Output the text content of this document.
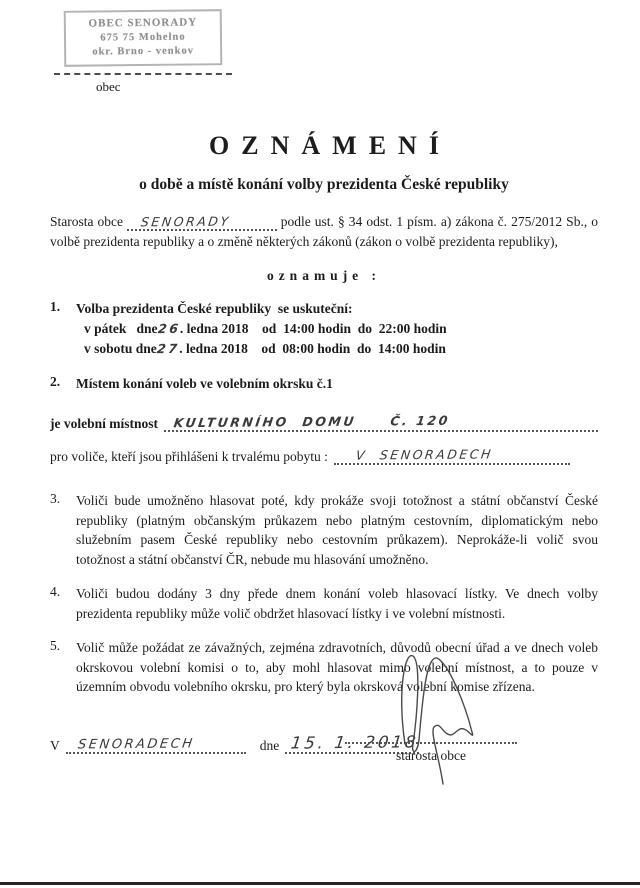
OBEC SENORADY
675 75 Mohelno
okr. Brno - venkov
obec
OZNÁMENÍ
o době a místě konání volby prezidenta České republiky
Starosta obce SENORADY	podle ust. § 34 odst. 1 písm. a) zákona č. 275/2012 Sb., o volbě prezidenta republiky a o změně některých zákonů (zákon o volbě prezidenta republiky),
oznamuje :
1.	Volba prezidenta České republiky  se uskuteční:
v pátek   dne26. ledna 2018    od  14:00 hodin  do  22:00 hodin
v sobotu dne27. ledna 2018    od  08:00 hodin  do  14:00 hodin
2.	Místem konání voleb ve volebním okrsku č.1
je volební místnost	KULTURNÍHO  DOMU     Č. 120
pro voliče, kteří jsou přihlášeni k trvalému pobytu :	V  SENORADECH
3.	Voliči bude umožněno hlasovat poté, kdy prokáže svoji totožnost a státní občanství České republiky (platným občanským průkazem nebo platným cestovním, diplomatickým nebo služebním pasem České republiky nebo cestovním průkazem). Neprokáže-li volič svou totožnost a státní občanství ČR, nebude mu hlasování umožněno.
4.	Voliči budou dodány 3 dny přede dnem konání voleb hlasovací lístky. Ve dnech volby prezidenta republiky může volič obdržet hlasovací lístky i ve volební místnosti.
5.	Volič může požádat ze závažných, zejména zdravotních, důvodů obecní úřad a ve dnech voleb okrskovou volební komisi o to, aby mohl hlasovat mimo volební místnost, a to pouze v územním obvodu volebního okrsku, pro který byla okrsková volební komise zřízena.
V	SENORADECH	dne 15. 1. 2018
starosta obce
